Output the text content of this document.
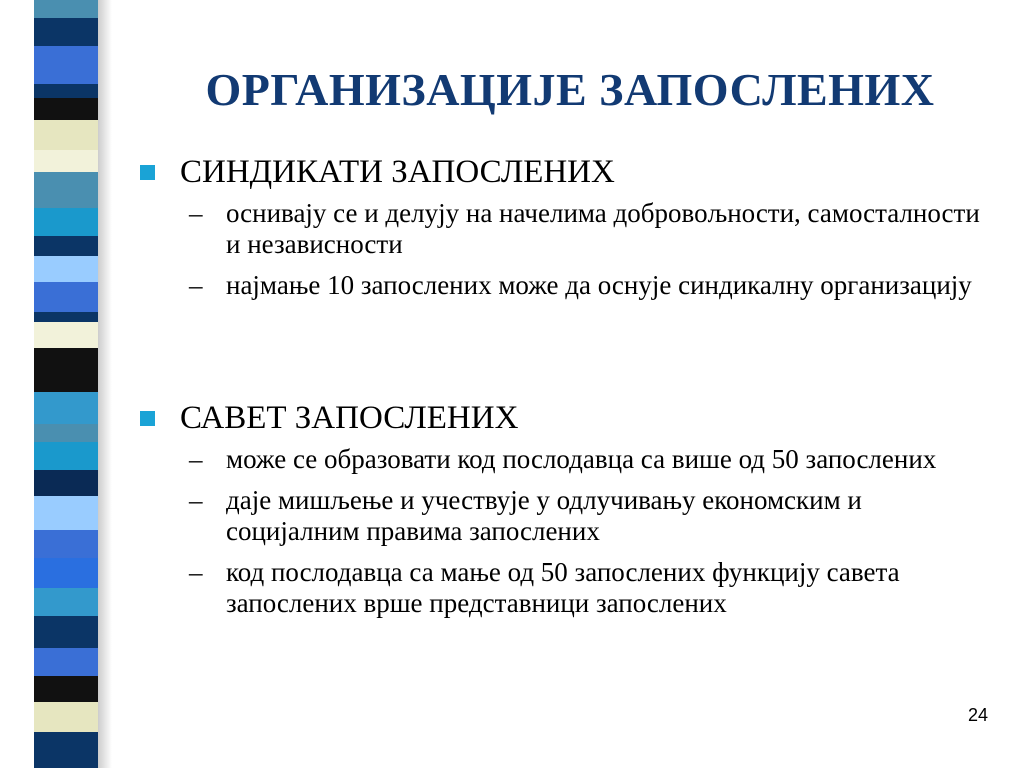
ОРГАНИЗАЦИЈЕ ЗАПОСЛЕНИХ
СИНДИКАТИ ЗАПОСЛЕНИХ
– оснивају се и делују на начелима добровољности, самосталности и независности
– најмање 10 запослених може да оснује синдикалну организацију
САВЕТ ЗАПОСЛЕНИХ
– може се образовати код послодавца са више од 50 запослених
– даје мишљење и учествује у одлучивању економским и социјалним правима запослених
– код послодавца са мање од 50 запослених функцију савета запослених врше представници запослених
24
